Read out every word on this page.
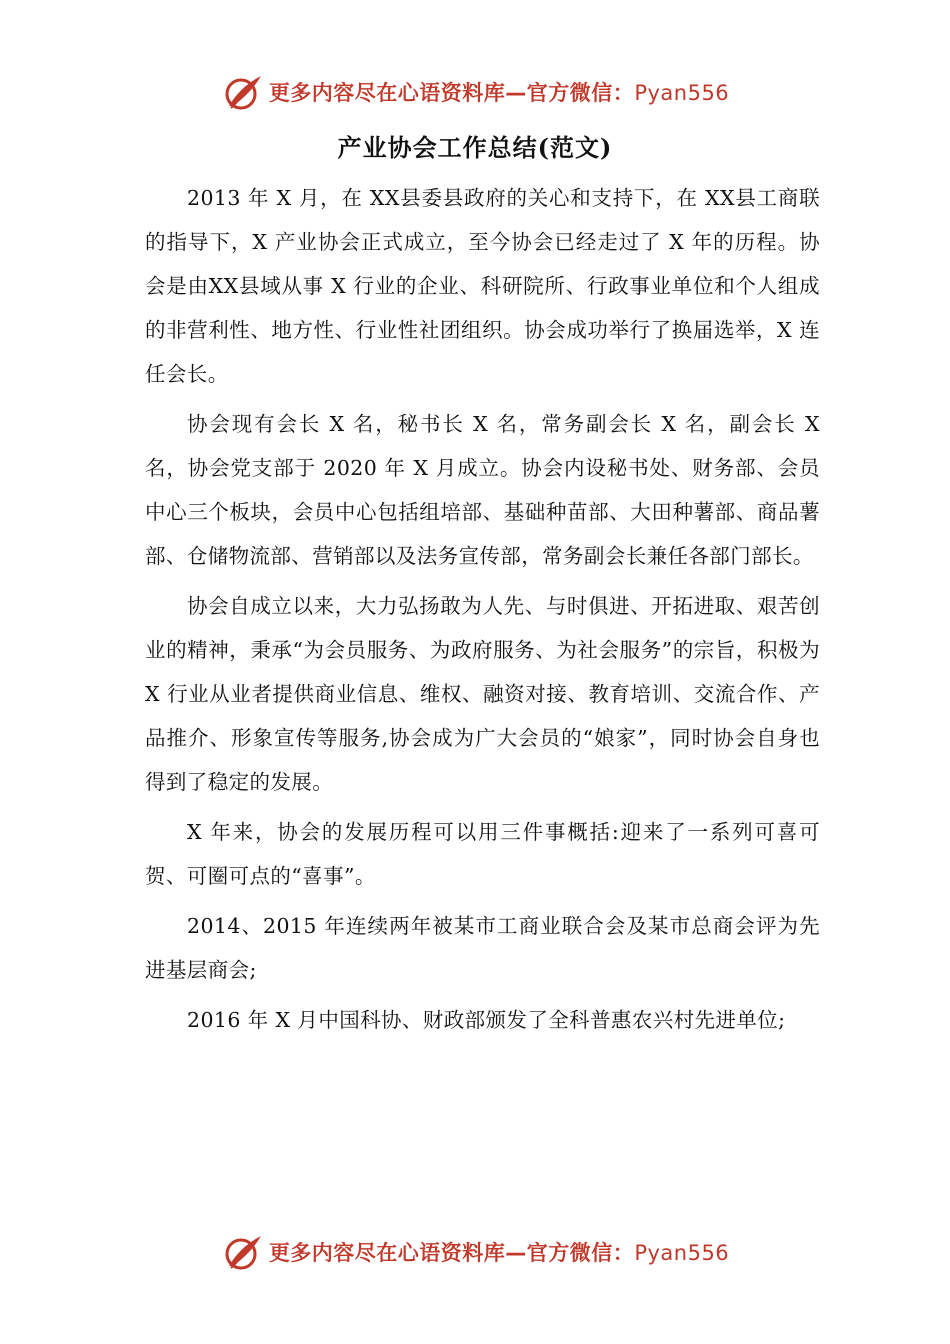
更多内容尽在心语资料库—官方微信：Pyan556
产业协会工作总结(范文)

2013 年 X 月，在 XX县委县政府的关心和支持下，在 XX县工商联的指导下，X 产业协会正式成立，至今协会已经走过了 X 年的历程。协会是由XX县域从事 X 行业的企业、科研院所、行政事业单位和个人组成的非营利性、地方性、行业性社团组织。协会成功举行了换届选举，X 连任会长。

协会现有会长 X 名，秘书长 X 名，常务副会长 X 名，副会长 X 名，协会党支部于 2020 年 X 月成立。协会内设秘书处、财务部、会员中心三个板块，会员中心包括组培部、基础种苗部、大田种薯部、商品薯部、仓储物流部、营销部以及法务宣传部，常务副会长兼任各部门部长。

协会自成立以来，大力弘扬敢为人先、与时俱进、开拓进取、艰苦创业的精神，秉承“为会员服务、为政府服务、为社会服务”的宗旨，积极为 X 行业从业者提供商业信息、维权、融资对接、教育培训、交流合作、产品推介、形象宣传等服务,协会成为广大会员的“娘家”，同时协会自身也得到了稳定的发展。

X 年来，协会的发展历程可以用三件事概括:迎来了一系列可喜可贺、可圈可点的“喜事”。

2014、2015 年连续两年被某市工商业联合会及某市总商会评为先进基层商会;

2016 年 X 月中国科协、财政部颁发了全科普惠农兴村先进单位;

更多内容尽在心语资料库—官方微信：Pyan556
